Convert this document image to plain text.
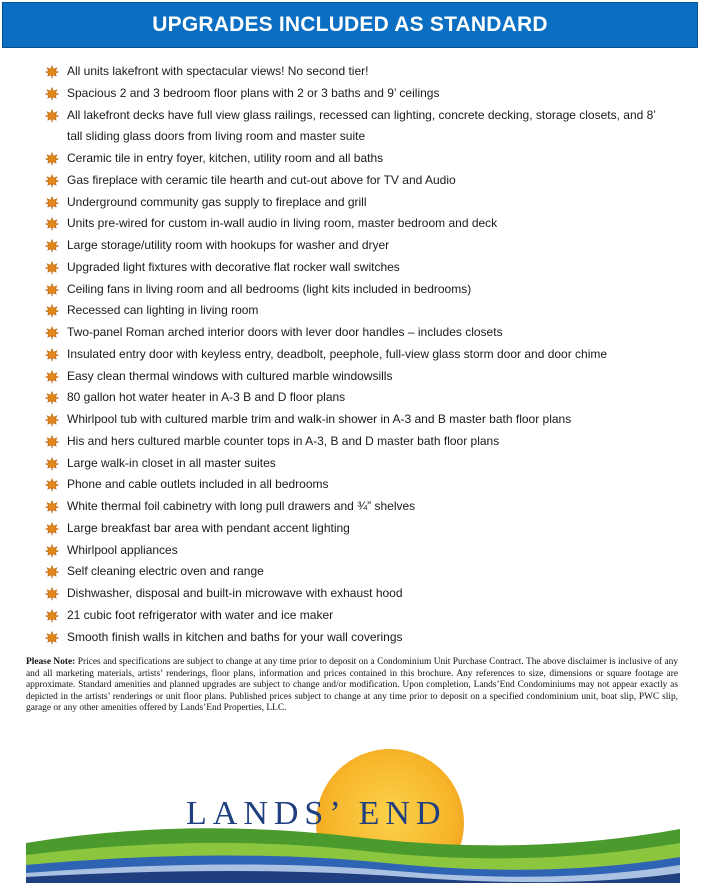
UPGRADES INCLUDED AS STANDARD
All units lakefront with spectacular views! No second tier!
Spacious 2 and 3 bedroom floor plans with 2 or 3 baths and 9’ ceilings
All lakefront decks have full view glass railings, recessed can lighting, concrete decking, storage closets, and 8’ tall sliding glass doors from living room and master suite
Ceramic tile in entry foyer, kitchen, utility room and all baths
Gas fireplace with ceramic tile hearth and cut-out above for TV and Audio
Underground community gas supply to fireplace and grill
Units pre-wired for custom in-wall audio in living room, master bedroom and deck
Large storage/utility room with hookups for washer and dryer
Upgraded light fixtures with decorative flat rocker wall switches
Ceiling fans in living room and all bedrooms (light kits included in bedrooms)
Recessed can lighting in living room
Two-panel Roman arched interior doors with lever door handles – includes closets
Insulated entry door with keyless entry, deadbolt, peephole, full-view glass storm door and door chime
Easy clean thermal windows with cultured marble windowsills
80 gallon hot water heater in A-3 B and D floor plans
Whirlpool tub with cultured marble trim and walk-in shower in A-3 and B master bath floor plans
His and hers cultured marble counter tops in A-3, B and D master bath floor plans
Large walk-in closet in all master suites
Phone and cable outlets included in all bedrooms
White thermal foil cabinetry with long pull drawers and ¾” shelves
Large breakfast bar area with pendant accent lighting
Whirlpool appliances
Self cleaning electric oven and range
Dishwasher, disposal and built-in microwave with exhaust hood
21 cubic foot refrigerator with water and ice maker
Smooth finish walls in kitchen and baths for your wall coverings
Please Note: Prices and specifications are subject to change at any time prior to deposit on a Condominium Unit Purchase Contract. The above disclaimer is inclusive of any and all marketing materials, artists’ renderings, floor plans, information and prices contained in this brochure. Any references to size, dimensions or square footage are approximate. Standard amenities and planned upgrades are subject to change and/or modification. Upon completion, Lands’End Condominiums may not appear exactly as depicted in the artists’ renderings or unit floor plans. Published prices subject to change at any time prior to deposit on a specified condominium unit, boat slip, PWC slip, garage or any other amenities offered by Lands’End Properties, LLC.
LANDS’ END
